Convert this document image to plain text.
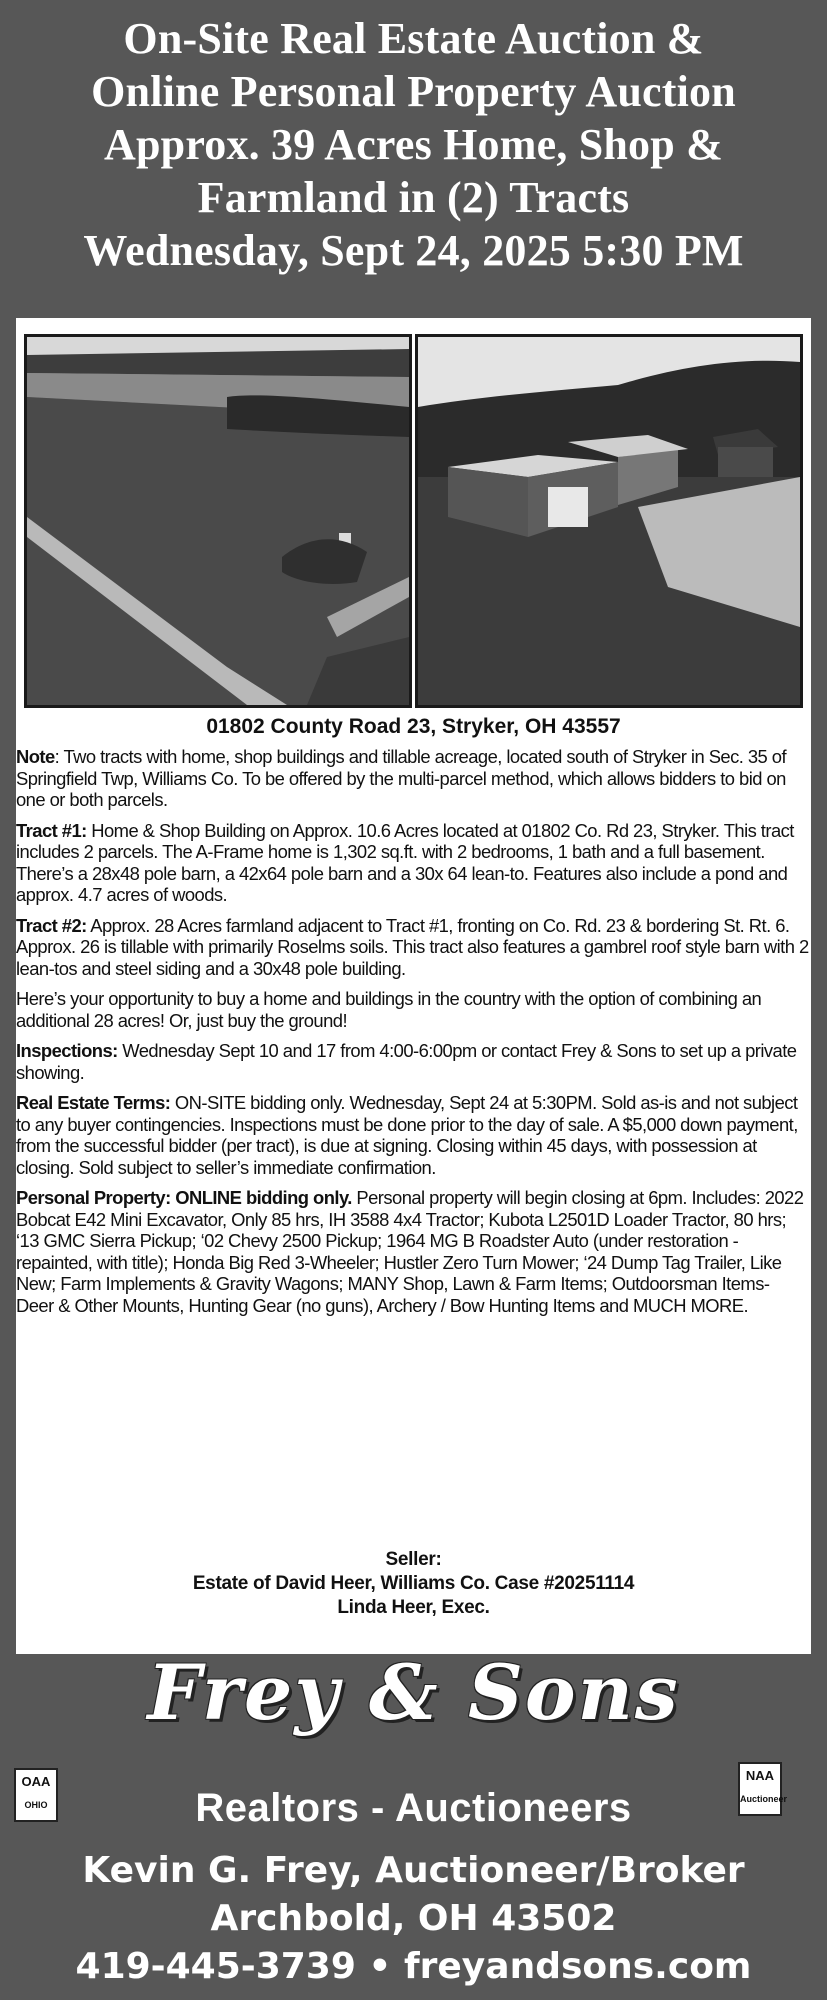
On-Site Real Estate Auction &
Online Personal Property Auction
Approx. 39 Acres Home, Shop &
Farmland in (2) Tracts
Wednesday, Sept 24, 2025 5:30 PM
01802 County Road 23, Stryker, OH 43557
Note: Two tracts with home, shop buildings and tillable acreage, located south of Stryker in Sec. 35 of Springfield Twp, Williams Co. To be offered by the multi-parcel method, which allows bidders to bid on one or both parcels.
Tract #1: Home & Shop Building on Approx. 10.6 Acres located at 01802 Co. Rd 23, Stryker. This tract includes 2 parcels. The A-Frame home is 1,302 sq.ft. with 2 bedrooms, 1 bath and a full basement. There’s a 28x48 pole barn, a 42x64 pole barn and a 30x 64 lean-to. Features also include a pond and approx. 4.7 acres of woods.
Tract #2: Approx. 28 Acres farmland adjacent to Tract #1, fronting on Co. Rd. 23 & bordering St. Rt. 6. Approx. 26 is tillable with primarily Roselms soils. This tract also features a gambrel roof style barn with 2 lean-tos and steel siding and a 30x48 pole building.
Here’s your opportunity to buy a home and buildings in the country with the option of combining an additional 28 acres! Or, just buy the ground!
Inspections: Wednesday Sept 10 and 17 from 4:00-6:00pm or contact Frey & Sons to set up a private showing.
Real Estate Terms: ON-SITE bidding only. Wednesday, Sept 24 at 5:30PM. Sold as-is and not subject to any buyer contingencies. Inspections must be done prior to the day of sale. A $5,000 down payment, from the successful bidder (per tract), is due at signing. Closing within 45 days, with possession at closing. Sold subject to seller’s immediate confirmation.
Personal Property: ONLINE bidding only. Personal property will begin closing at 6pm. Includes: 2022 Bobcat E42 Mini Excavator, Only 85 hrs, IH 3588 4x4 Tractor; Kubota L2501D Loader Tractor, 80 hrs; ‘13 GMC Sierra Pickup; ‘02 Chevy 2500 Pickup; 1964 MG B Roadster Auto (under restoration - repainted, with title); Honda Big Red 3-Wheeler; Hustler Zero Turn Mower; ‘24 Dump Tag Trailer, Like New; Farm Implements & Gravity Wagons; MANY Shop, Lawn & Farm Items; Outdoorsman Items- Deer & Other Mounts, Hunting Gear (no guns), Archery / Bow Hunting Items and MUCH MORE.
Seller:
Estate of David Heer, Williams Co. Case #20251114
Linda Heer, Exec.
Frey & Sons
OAA
OHIO
NAA
Auctioneer
Realtors - Auctioneers
Kevin G. Frey, Auctioneer/Broker
Archbold, OH 43502
419-445-3739 • freyandsons.com
